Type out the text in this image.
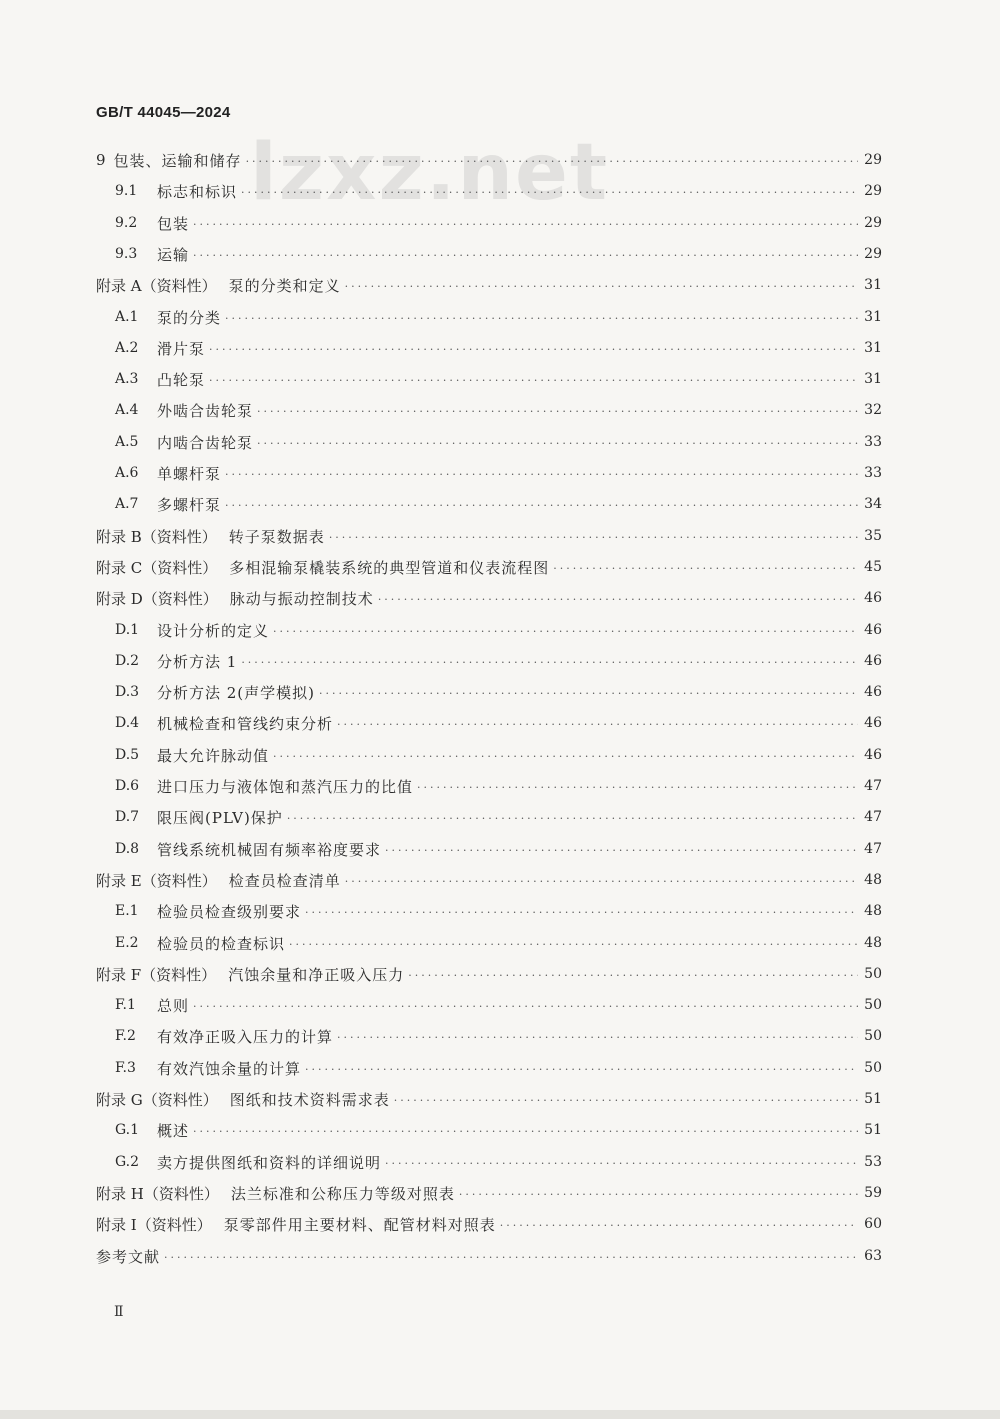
GB/T 44045—2024
lzxz.net
9 包装、运输和储存 ·····	29
9.1	标志和标识 ·····	29
9.2	包装 ·····	29
9.3	运输 ·····	29
附录 A（资料性） 泵的分类和定义 ·····	31
A.1	泵的分类 ·····	31
A.2	滑片泵 ·····	31
A.3	凸轮泵 ·····	31
A.4	外啮合齿轮泵 ·····	32
A.5	内啮合齿轮泵 ·····	33
A.6	单螺杆泵 ·····	33
A.7	多螺杆泵 ·····	34
附录 B（资料性） 转子泵数据表 ·····	35
附录 C（资料性） 多相混输泵橇装系统的典型管道和仪表流程图 ·····	45
附录 D（资料性） 脉动与振动控制技术 ·····	46
D.1	设计分析的定义 ·····	46
D.2	分析方法 1 ·····	46
D.3	分析方法 2(声学模拟) ·····	46
D.4	机械检查和管线约束分析 ·····	46
D.5	最大允许脉动值 ·····	46
D.6	进口压力与液体饱和蒸汽压力的比值 ·····	47
D.7	限压阀(PLV)保护 ·····	47
D.8	管线系统机械固有频率裕度要求 ·····	47
附录 E（资料性） 检查员检查清单 ·····	48
E.1	检验员检查级别要求 ·····	48
E.2	检验员的检查标识 ·····	48
附录 F（资料性） 汽蚀余量和净正吸入压力 ·····	50
F.1	总则 ·····	50
F.2	有效净正吸入压力的计算 ·····	50
F.3	有效汽蚀余量的计算 ·····	50
附录 G（资料性） 图纸和技术资料需求表 ·····	51
G.1	概述 ·····	51
G.2	卖方提供图纸和资料的详细说明 ·····	53
附录 H（资料性） 法兰标准和公称压力等级对照表 ·····	59
附录 I（资料性） 泵零部件用主要材料、配管材料对照表 ·····	60
参考文献 ·····	63
Ⅱ
